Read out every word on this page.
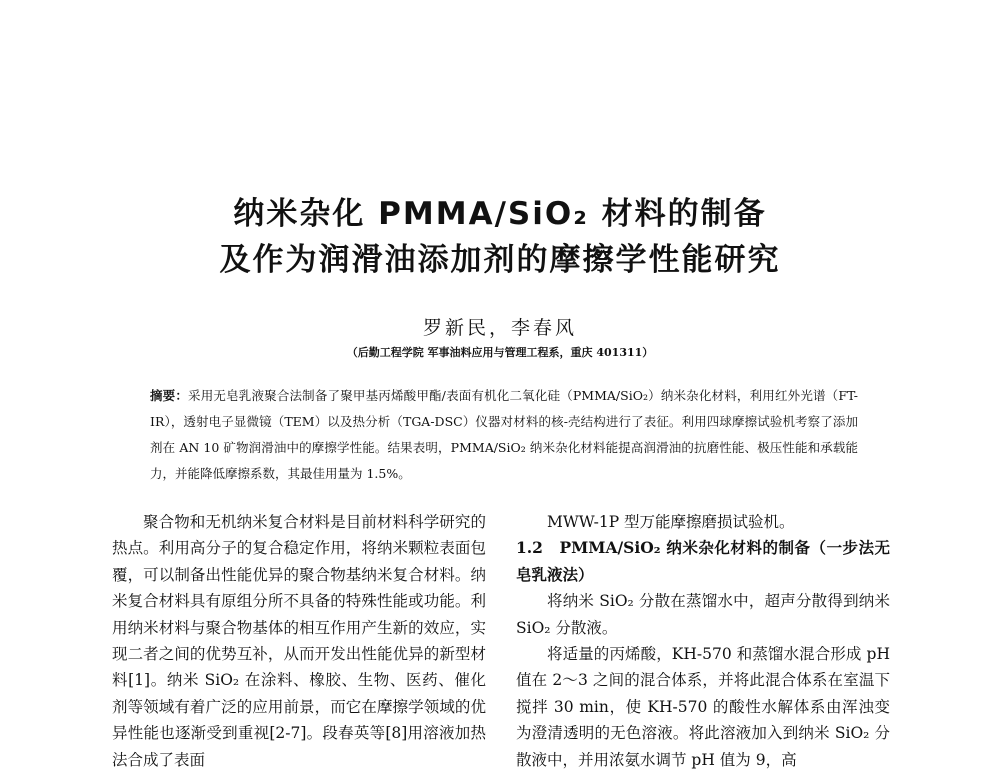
纳米杂化 PMMA/SiO₂ 材料的制备
及作为润滑油添加剂的摩擦学性能研究
罗新民，李春风
（后勤工程学院 军事油料应用与管理工程系，重庆 401311）
摘要：采用无皂乳液聚合法制备了聚甲基丙烯酸甲酯/表面有机化二氧化硅（PMMA/SiO₂）纳米杂化材料，利用红外光谱（FT-IR），透射电子显微镜（TEM）以及热分析（TGA-DSC）仪器对材料的核-壳结构进行了表征。利用四球摩擦试验机考察了添加剂在 AN 10 矿物润滑油中的摩擦学性能。结果表明，PMMA/SiO₂ 纳米杂化材料能提高润滑油的抗磨性能、极压性能和承载能力，并能降低摩擦系数，其最佳用量为 1.5%。

聚合物和无机纳米复合材料是目前材料科学研究的热点。利用高分子的复合稳定作用，将纳米颗粒表面包覆，可以制备出性能优异的聚合物基纳米复合材料。纳米复合材料具有原组分所不具备的特殊性能或功能。利用纳米材料与聚合物基体的相互作用产生新的效应，实现二者之间的优势互补，从而开发出性能优异的新型材料[1]。纳米 SiO₂ 在涂料、橡胶、生物、医药、催化剂等领域有着广泛的应用前景，而它在摩擦学领域的优异性能也逐渐受到重视[2-7]。段春英等[8]用溶液加热法合成了表面

MWW-1P 型万能摩擦磨损试验机。

1.2　PMMA/SiO₂ 纳米杂化材料的制备（一步法无皂乳液法）

将纳米 SiO₂ 分散在蒸馏水中，超声分散得到纳米 SiO₂ 分散液。

将适量的丙烯酸，KH-570 和蒸馏水混合形成 pH 值在 2～3 之间的混合体系，并将此混合体系在室温下搅拌 30 min，使 KH-570 的酸性水解体系由浑浊变为澄清透明的无色溶液。将此溶液加入到纳米 SiO₂ 分散液中，并用浓氨水调节 pH 值为 9，高
